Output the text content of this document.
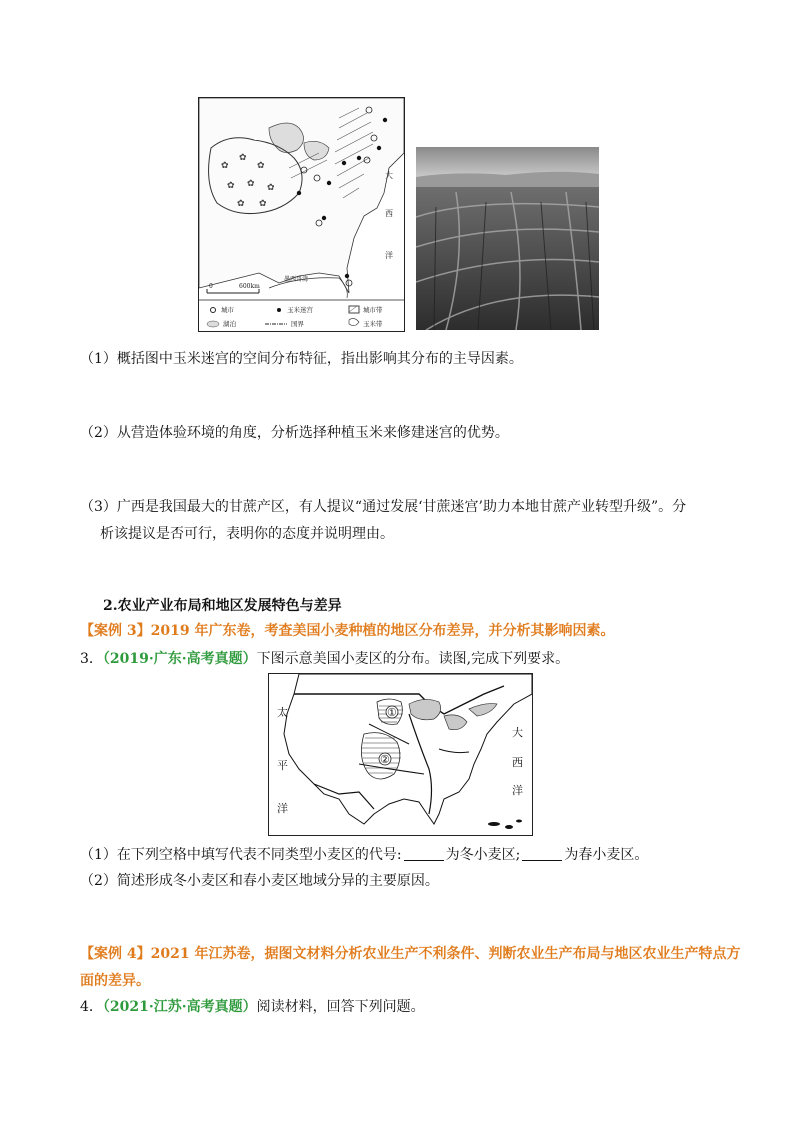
✿
✿
✿
✿ ✿ ✿
✿ ✿
0	600km
大
西
洋
墨西哥湾
城市	玉米迷宫	城市带
湖泊	国界	玉米带
（1）概括图中玉米迷宫的空间分布特征，指出影响其分布的主导因素。
（2）从营造体验环境的角度，分析选择种植玉米来修建迷宫的优势。
（3）广西是我国最大的甘蔗产区，有人提议“通过发展‘甘蔗迷宫’助力本地甘蔗产业转型升级”。分
析该提议是否可行，表明你的态度并说明理由。
2.农业产业布局和地区发展特色与差异
【案例 3】2019 年广东卷，考查美国小麦种植的地区分布差异，并分析其影响因素。
3．（2019·广东·高考真题）下图示意美国小麦区的分布。读图,完成下列要求。
①
②
太
平
洋
大
西
洋
（1）在下列空格中填写代表不同类型小麦区的代号:	为冬小麦区;	为春小麦区。
（2）简述形成冬小麦区和春小麦区地域分异的主要原因。
【案例 4】2021 年江苏卷，据图文材料分析农业生产不利条件、判断农业生产布局与地区农业生产特点方
面的差异。
4．（2021·江苏·高考真题）阅读材料，回答下列问题。
